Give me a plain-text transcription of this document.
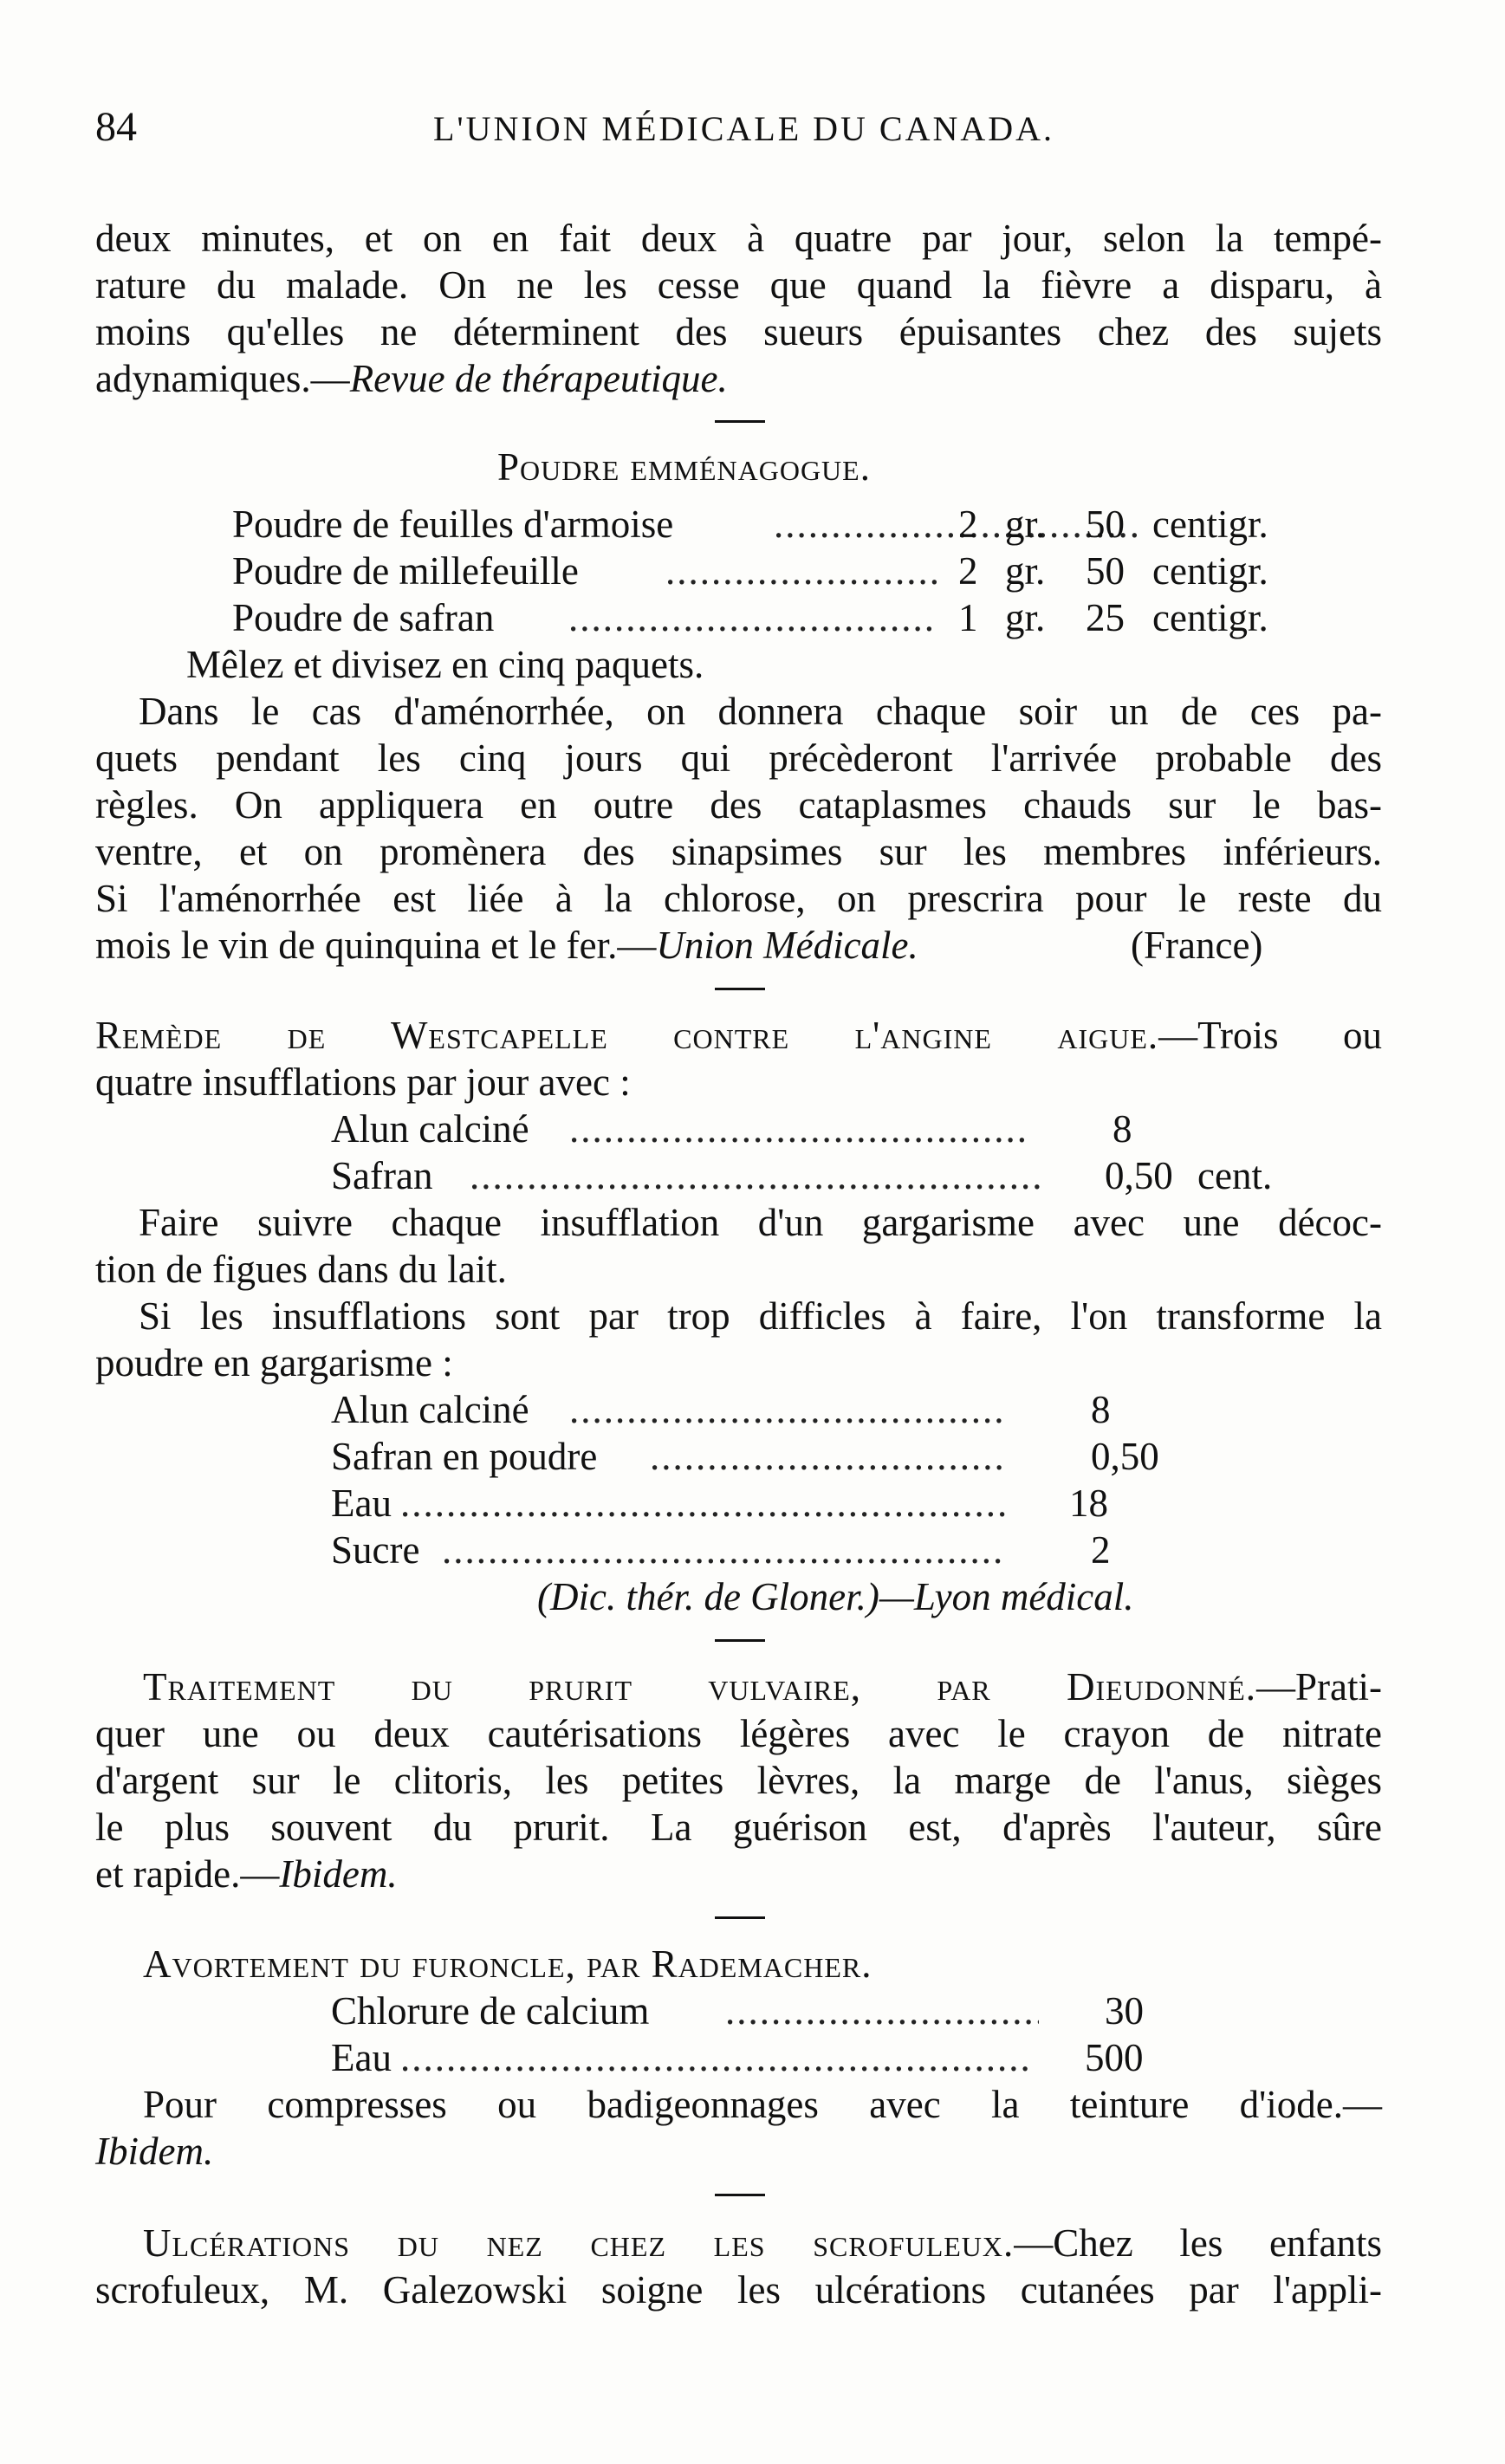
84	L'UNION MÉDICALE DU CANADA.
deux minutes, et on en fait deux à quatre par jour, selon la tempé-
rature du malade. On ne les cesse que quand la fièvre a disparu, à
moins qu'elles ne déterminent des sueurs épuisantes chez des sujets
adynamiques.—Revue de thérapeutique.
Poudre emménagogue.
Poudre de feuilles d'armoise .....	2 gr. 50 centigr.
Poudre de millefeuille .....	2 gr. 50 centigr.
Poudre de safran .....	1 gr. 25 centigr.
Mêlez et divisez en cinq paquets.
Dans le cas d'aménorrhée, on donnera chaque soir un de ces pa-
quets pendant les cinq jours qui précèderont l'arrivée probable des
règles. On appliquera en outre des cataplasmes chauds sur le bas-
ventre, et on promènera des sinapsimes sur les membres inférieurs.
Si l'aménorrhée est liée à la chlorose, on prescrira pour le reste du
mois le vin de quinquina et le fer.—Union Médicale.	(France)
Remède de Westcapelle contre l'angine aigue.—Trois ou
quatre insufflations par jour avec :
Alun calciné .....	8
Safran .....	0,50 cent.
Faire suivre chaque insufflation d'un gargarisme avec une décoc-
tion de figues dans du lait.
Si les insufflations sont par trop difficles à faire, l'on transforme la
poudre en gargarisme :
Alun calciné .....	8
Safran en poudre .....	0,50
Eau .....	18
Sucre .....	2
(Dic. thér. de Gloner.)—Lyon médical.
Traitement du prurit vulvaire, par Dieudonné.—Prati-
quer une ou deux cautérisations légères avec le crayon de nitrate
d'argent sur le clitoris, les petites lèvres, la marge de l'anus, sièges
le plus souvent du prurit. La guérison est, d'après l'auteur, sûre
et rapide.—Ibidem.
Avortement du furoncle, par Rademacher.
Chlorure de calcium .....	30
Eau .....	500
Pour compresses ou badigeonnages avec la teinture d'iode.—
Ibidem.
Ulcérations du nez chez les scrofuleux.—Chez les enfants
scrofuleux, M. Galezowski soigne les ulcérations cutanées par l'appli-
